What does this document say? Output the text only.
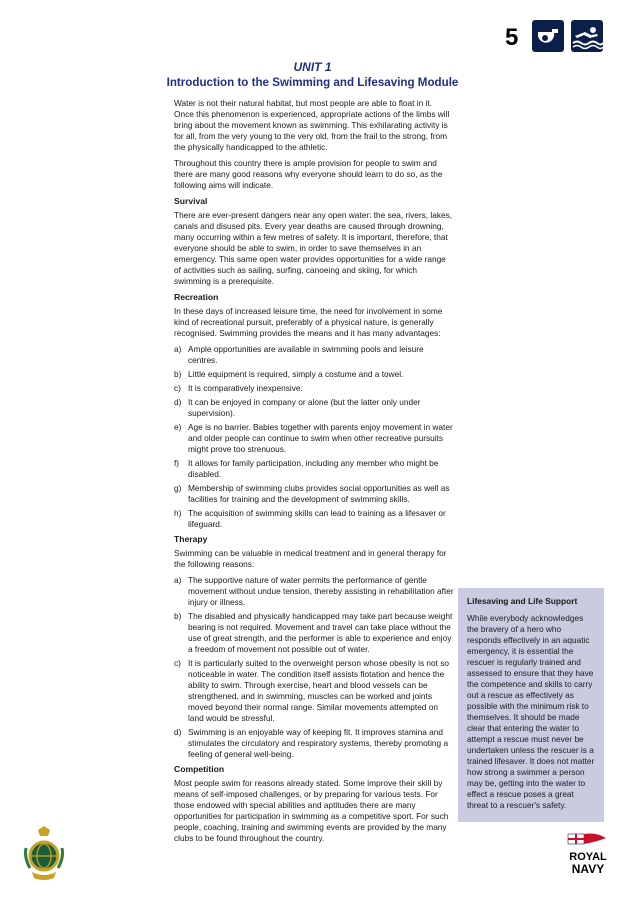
5
UNIT 1
Introduction to the Swimming and Lifesaving Module

Water is not their natural habitat, but most people are able to float in it. Once this phenomenon is experienced, appropriate actions of the limbs will bring about the movement known as swimming. This exhilarating activity is for all, from the very young to the very old, from the frail to the strong, from the physically handicapped to the athletic.

Throughout this country there is ample provision for people to swim and there are many good reasons why everyone should learn to do so, as the following aims will indicate.

Survival

There are ever-present dangers near any open water: the sea, rivers, lakes, canals and disused pits. Every year deaths are caused through drowning, many occurring within a few metres of safety. It is important, therefore, that everyone should be able to swim, in order to save themselves in an emergency. This same open water provides opportunities for a wide range of activities such as sailing, surfing, canoeing and skiing, for which swimming is a prerequisite.

Recreation

In these days of increased leisure time, the need for involvement in some kind of recreational pursuit, preferably of a physical nature, is generally recognised. Swimming provides the means and it has many advantages:

a) Ample opportunities are available in swimming pools and leisure centres.
b) Little equipment is required, simply a costume and a towel.
c) It is comparatively inexpensive.
d) It can be enjoyed in company or alone (but the latter only under supervision).
e) Age is no barrier. Babies together with parents enjoy movement in water and older people can continue to swim when other recreative pursuits might prove too strenuous.
f) It allows for family participation, including any member who might be disabled.
g) Membership of swimming clubs provides social opportunities as well as facilities for training and the development of swimming skills.
h) The acquisition of swimming skills can lead to training as a lifesaver or lifeguard.
Therapy

Swimming can be valuable in medical treatment and in general therapy for the following reasons:

a) The supportive nature of water permits the performance of gentle movement without undue tension, thereby assisting in rehabilitation after injury or illness.
b) The disabled and physically handicapped may take part because weight bearing is not required. Movement and travel can take place without the use of great strength, and the performer is able to experience and enjoy a freedom of movement not possible out of water.
c) It is particularly suited to the overweight person whose obesity is not so noticeable in water. The condition itself assists flotation and hence the ability to swim. Through exercise, heart and blood vessels can be strengthened, and in swimming, muscles can be worked and joints moved beyond their normal range. Similar movements attempted on land would be stressful.
d) Swimming is an enjoyable way of keeping fit. It improves stamina and stimulates the circulatory and respiratory systems, thereby promoting a feeling of general well-being.
Competition

Most people swim for reasons already stated. Some improve their skill by means of self-imposed challenges, or by preparing for various tests. For those endowed with special abilities and aptitudes there are many opportunities for participation in swimming as a competitive sport. For such people, coaching, training and swimming events are provided by the many clubs to be found throughout the country.

Lifesaving and Life Support

While everybody acknowledges the bravery of a hero who responds effectively in an aquatic emergency, it is essential the rescuer is regularly trained and assessed to ensure that they have the competence and skills to carry out a rescue as effectively as possible with the minimum risk to themselves. It should be made clear that entering the water to attempt a rescue must never be undertaken unless the rescuer is a trained lifesaver. It does not matter how strong a swimmer a person may be, getting into the water to effect a rescue poses a great threat to a rescuer's safety.

ROYAL
NAVY
